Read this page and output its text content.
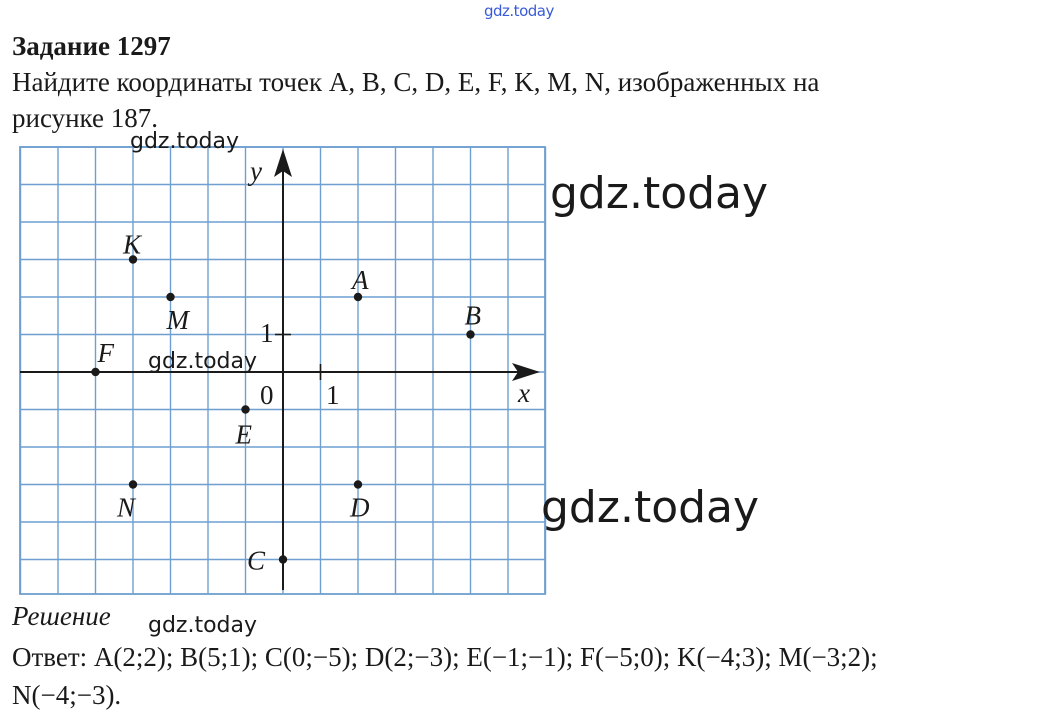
gdz.today
Задание 1297
Найдите координаты точек A, B, C, D, E, F, K, M, N, изображенных на
рисунке 187.
x
y
0 1
1
A
B
C
D
E
F
K
M
N
gdz.today
gdz.today
gdz.today
gdz.today
gdz.today
Решение
Ответ: A(2;2); B(5;1); C(0;−5); D(2;−3); E(−1;−1); F(−5;0); K(−4;3); M(−3;2);
N(−4;−3).
